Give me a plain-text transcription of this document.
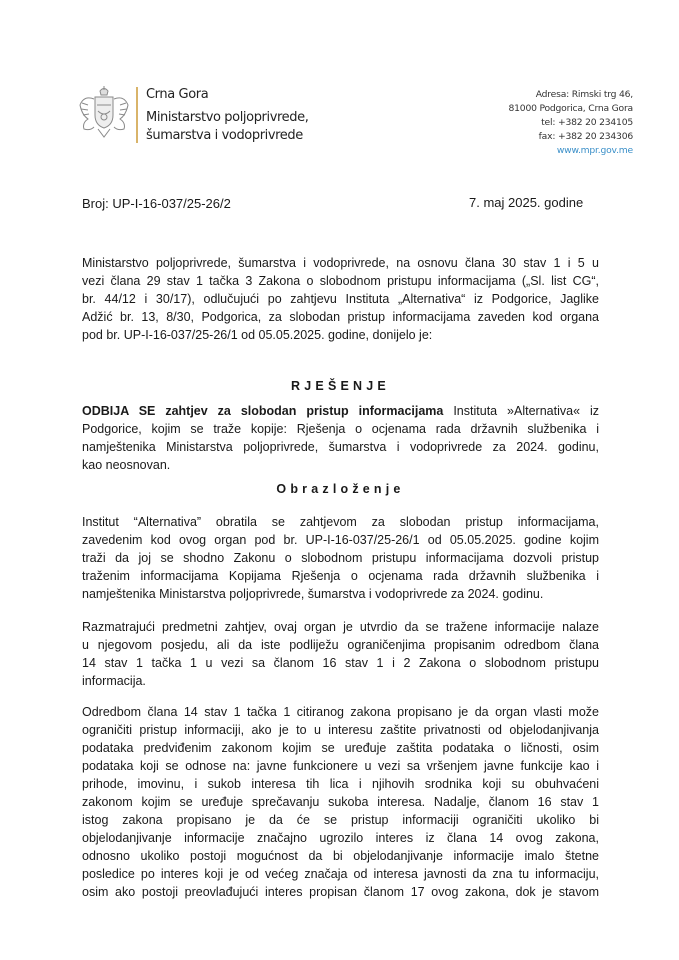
Crna Gora
Ministarstvo poljoprivrede,
šumarstva i vodoprivrede
Adresa: Rimski trg 46,
81000 Podgorica, Crna Gora
tel: +382 20 234105
fax: +382 20 234306
www.mpr.gov.me
Broj: UP-I-16-037/25-26/2	7. maj 2025. godine
Ministarstvo poljoprivrede, šumarstva i vodoprivrede, na osnovu člana 30 stav 1 i 5 u
vezi člana 29 stav 1 tačka 3 Zakona o slobodnom pristupu informacijama („Sl. list CG“,
br. 44/12 i 30/17), odlučujući po zahtjevu Instituta „Alternativa“ iz Podgorice, Jaglike
Adžić br. 13, 8/30, Podgorica, za slobodan pristup informacijama zaveden kod organa
pod br. UP-I-16-037/25-26/1 od 05.05.2025. godine, donijelo je:
RJEŠENJE
ODBIJA SE zahtjev za slobodan pristup informacijama Instituta »Alternativa« iz
Podgorice, kojim se traže kopije: Rješenja o ocjenama rada državnih službenika i
namještenika Ministarstva poljoprivrede, šumarstva i vodoprivrede za 2024. godinu,
kao neosnovan.
Obrazloženje
Institut “Alternativa” obratila se zahtjevom za slobodan pristup informacijama,
zavedenim kod ovog organ pod br. UP-I-16-037/25-26/1 od 05.05.2025. godine kojim
traži da joj se shodno Zakonu o slobodnom pristupu informacijama dozvoli pristup
traženim informacijama Kopijama Rješenja o ocjenama rada državnih službenika i
namještenika Ministarstva poljoprivrede, šumarstva i vodoprivrede za 2024. godinu.
Razmatrajući predmetni zahtjev, ovaj organ je utvrdio da se tražene informacije nalaze
u njegovom posjedu, ali da iste podliježu ograničenjima propisanim odredbom člana
14 stav 1 tačka 1 u vezi sa članom 16 stav 1 i 2 Zakona o slobodnom pristupu
informacija.
Odredbom člana 14 stav 1 tačka 1 citiranog zakona propisano je da organ vlasti može
ograničiti pristup informaciji, ako je to u interesu zaštite privatnosti od objelodanjivanja
podataka predviđenim zakonom kojim se uređuje zaštita podataka o ličnosti, osim
podataka koji se odnose na: javne funkcionere u vezi sa vršenjem javne funkcije kao i
prihode, imovinu, i sukob interesa tih lica i njihovih srodnika koji su obuhvaćeni
zakonom kojim se uređuje sprečavanju sukoba interesa. Nadalje, članom 16 stav 1
istog zakona propisano je da će se pristup informaciji ograničiti ukoliko bi
objelodanjivanje informacije značajno ugrozilo interes iz člana 14 ovog zakona,
odnosno ukoliko postoji mogućnost da bi objelodanjivanje informacije imalo štetne
posledice po interes koji je od većeg značaja od interesa javnosti da zna tu informaciju,
osim ako postoji preovlađujući interes propisan članom 17 ovog zakona, dok je stavom
